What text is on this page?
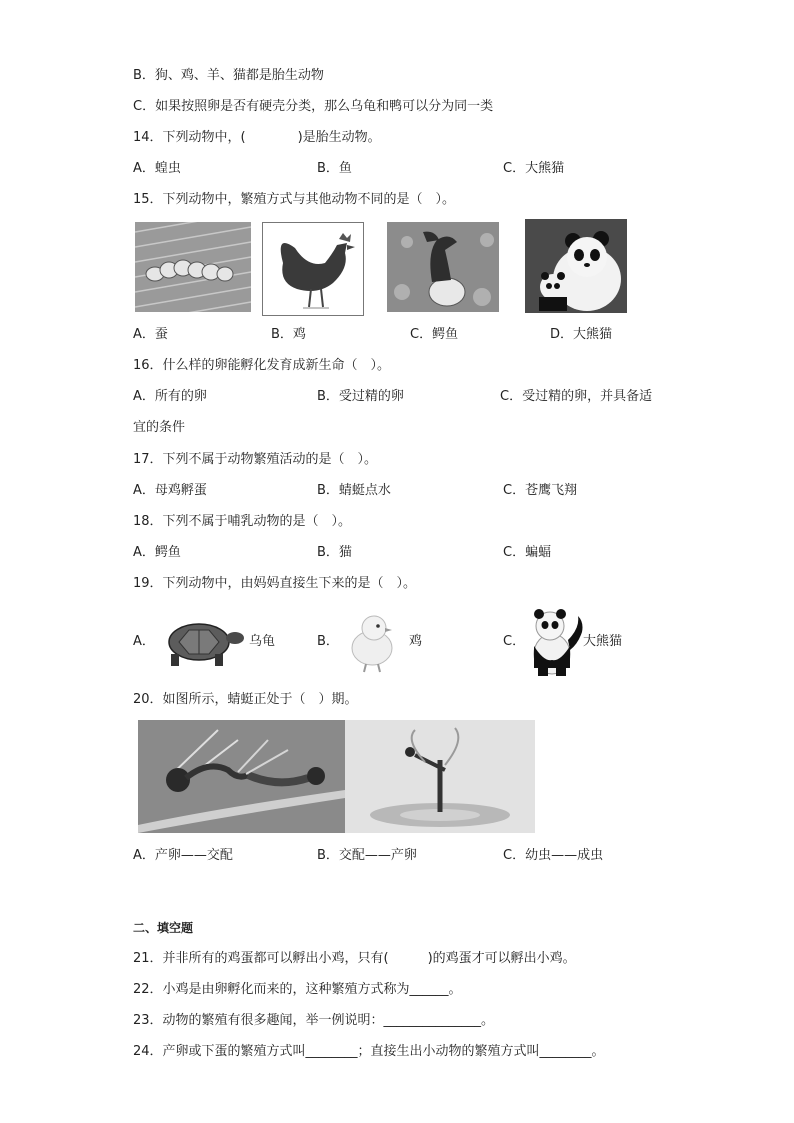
B．狗、鸡、羊、猫都是胎生动物
C．如果按照卵是否有硬壳分类，那么乌龟和鸭可以分为同一类
14．下列动物中，(　　　　)是胎生动物。
A．蝗虫	B．鱼	C．大熊猫
15．下列动物中，繁殖方式与其他动物不同的是（　）。
A．蚕	B．鸡	C．鳄鱼	D．大熊猫
16．什么样的卵能孵化发育成新生命（　）。
A．所有的卵	B．受过精的卵	C．受过精的卵，并具备适
宜的条件
17．下列不属于动物繁殖活动的是（　）。
A．母鸡孵蛋	B．蜻蜓点水	C．苍鹰飞翔
18．下列不属于哺乳动物的是（　）。
A．鳄鱼	B．猫	C．蝙蝠
19．下列动物中，由妈妈直接生下来的是（　）。
A．	乌龟	B．	鸡	C．	大熊猫
20．如图所示，蜻蜓正处于（　）期。
A．产卵——交配	B．交配——产卵	C．幼虫——成虫
二、填空题
21．并非所有的鸡蛋都可以孵出小鸡，只有(　　　)的鸡蛋才可以孵出小鸡。
22．小鸡是由卵孵化而来的，这种繁殖方式称为______。
23．动物的繁殖有很多趣闻，举一例说明：_______________。
24．产卵或下蛋的繁殖方式叫________；直接生出小动物的繁殖方式叫________。
